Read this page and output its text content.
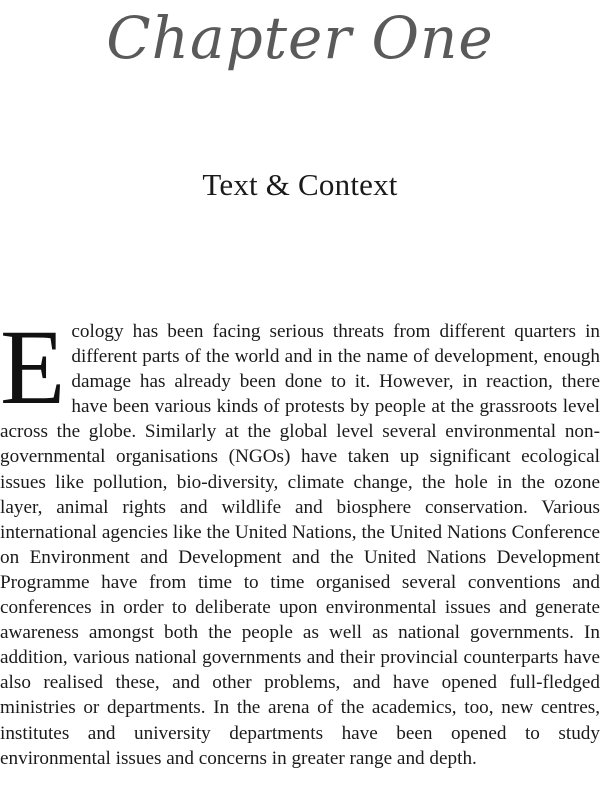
Chapter One
Text & Context

Ecology has been facing serious threats from different quarters in different parts of the world and in the name of development, enough damage has already been done to it. However, in reaction, there have been various kinds of protests by people at the grassroots level across the globe. Similarly at the global level several environmental non-governmental organisations (NGOs) have taken up significant ecological issues like pollution, bio-diversity, climate change, the hole in the ozone layer, animal rights and wildlife and biosphere conservation. Various international agencies like the United Nations, the United Nations Conference on Environment and Development and the United Nations Development Programme have from time to time organised several conventions and conferences in order to deliberate upon environmental issues and generate awareness amongst both the people as well as national governments. In addition, various national governments and their provincial counterparts have also realised these, and other problems, and have opened full-fledged ministries or departments. In the arena of the academics, too, new centres, institutes and university departments have been opened to study environmental issues and concerns in greater range and depth.
